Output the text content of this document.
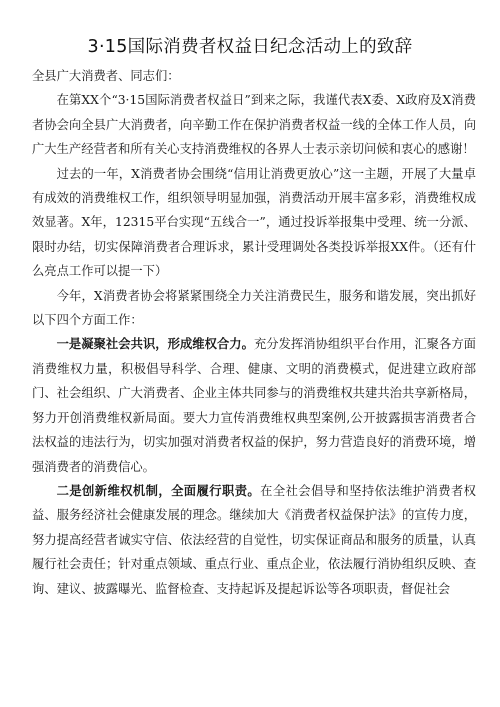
3·15国际消费者权益日纪念活动上的致辞

全县广大消费者、同志们：

在第XX个“3·15国际消费者权益日”到来之际，我谨代表X委、X政府及X消费者协会向全县广大消费者，向辛勤工作在保护消费者权益一线的全体工作人员，向广大生产经营者和所有关心支持消费维权的各界人士表示亲切问候和衷心的感谢！

过去的一年，X消费者协会围绕“信用让消费更放心”这一主题，开展了大量卓有成效的消费维权工作，组织领导明显加强，消费活动开展丰富多彩，消费维权成效显著。X年，12315平台实现“五线合一”，通过投诉举报集中受理、统一分派、限时办结，切实保障消费者合理诉求，累计受理调处各类投诉举报XX件。（还有什么亮点工作可以提一下）

今年，X消费者协会将紧紧围绕全力关注消费民生，服务和谐发展，突出抓好以下四个方面工作：

一是凝聚社会共识，形成维权合力。充分发挥消协组织平台作用，汇聚各方面消费维权力量，积极倡导科学、合理、健康、文明的消费模式，促进建立政府部门、社会组织、广大消费者、企业主体共同参与的消费维权共建共治共享新格局，努力开创消费维权新局面。要大力宣传消费维权典型案例,公开披露损害消费者合法权益的违法行为，切实加强对消费者权益的保护，努力营造良好的消费环境，增强消费者的消费信心。

二是创新维权机制，全面履行职责。在全社会倡导和坚持依法维护消费者权益、服务经济社会健康发展的理念。继续加大《消费者权益保护法》的宣传力度，努力提高经营者诚实守信、依法经营的自觉性，切实保证商品和服务的质量，认真履行社会责任；针对重点领域、重点行业、重点企业，依法履行消协组织反映、查询、建议、披露曝光、监督检查、支持起诉及提起诉讼等各项职责，督促社会
